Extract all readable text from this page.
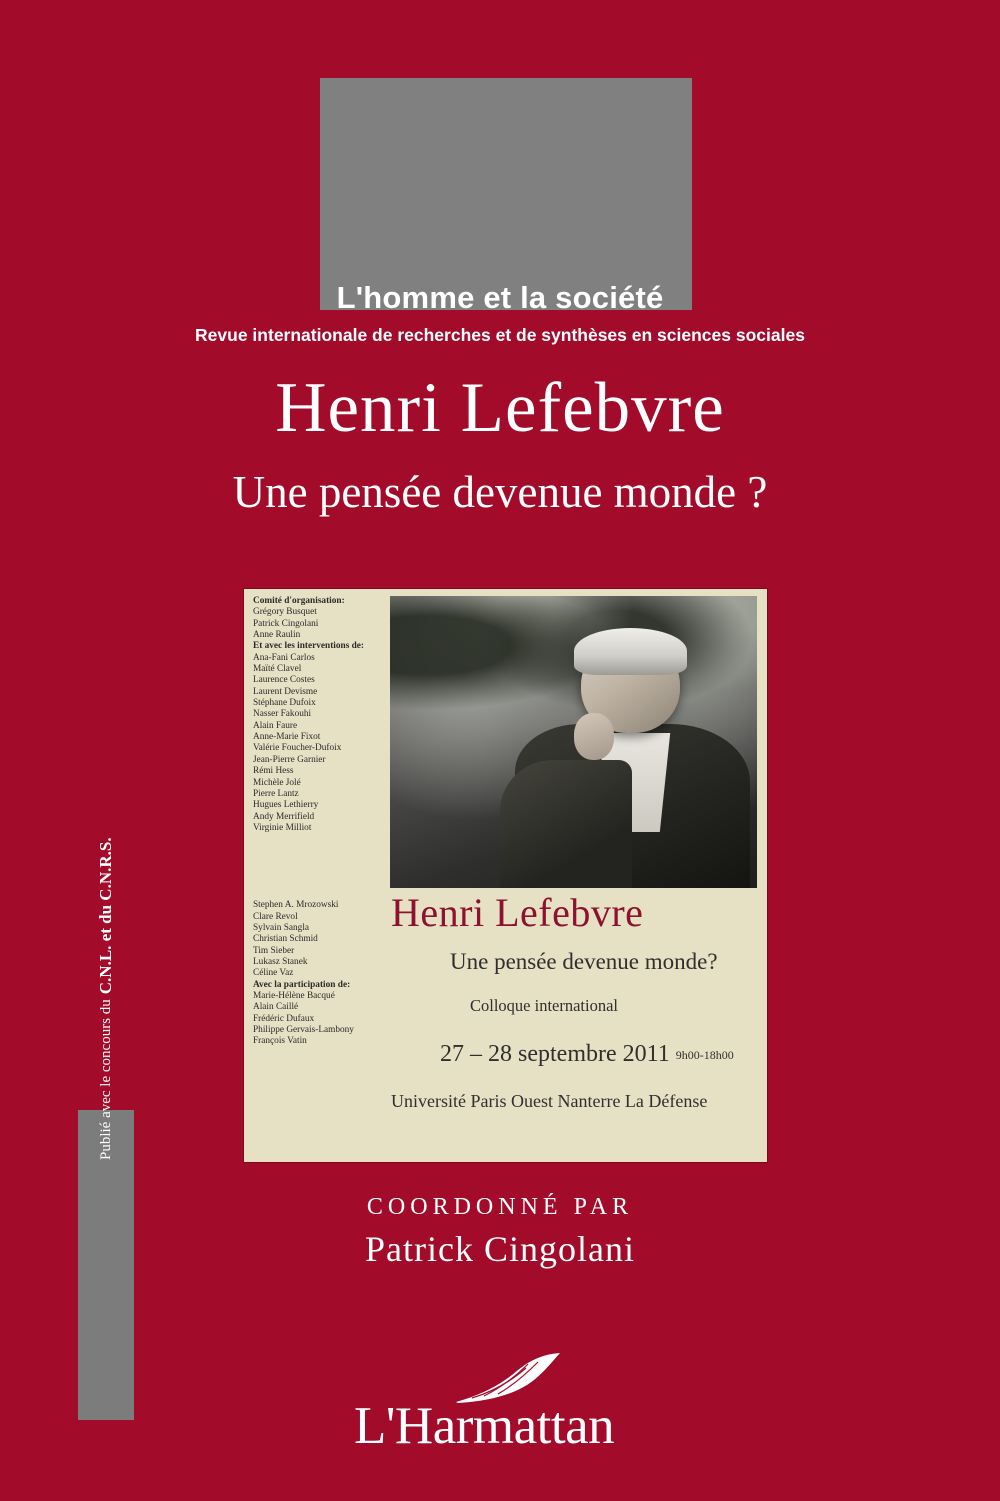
L'homme et la société
Revue internationale de recherches et de synthèses en sciences sociales
Henri Lefebvre
Une pensée devenue monde ?
Comité d'organisation:
Grégory Busquet
Patrick Cingolani
Anne Raulin
Et avec les interventions de:
Ana-Fani Carlos
Maïté Clavel
Laurence Costes
Laurent Devisme
Stéphane Dufoix
Nasser Fakouhi
Alain Faure
Anne-Marie Fixot
Valérie Foucher-Dufoix
Jean-Pierre Garnier
Rémi Hess
Michèle Jolé
Pierre Lantz
Hugues Lethierry
Andy Merrifield
Virginie Milliot
Stephen A. Mrozowski
Clare Revol
Sylvain Sangla
Christian Schmid
Tim Sieber
Lukasz Stanek
Céline Vaz
Avec la participation de:
Marie-Hélène Bacqué
Alain Caillé
Frédéric Dufaux
Philippe Gervais-Lambony
François Vatin
Henri Lefebvre
Une pensée devenue monde?
Colloque international
27 – 28 septembre 2011 9h00-18h00
Université Paris Ouest Nanterre La Défense
COORDONNÉ PAR
Patrick Cingolani
Publié avec le concours du
C.N.L. et du C.N.R.S.
L'Harmattan
